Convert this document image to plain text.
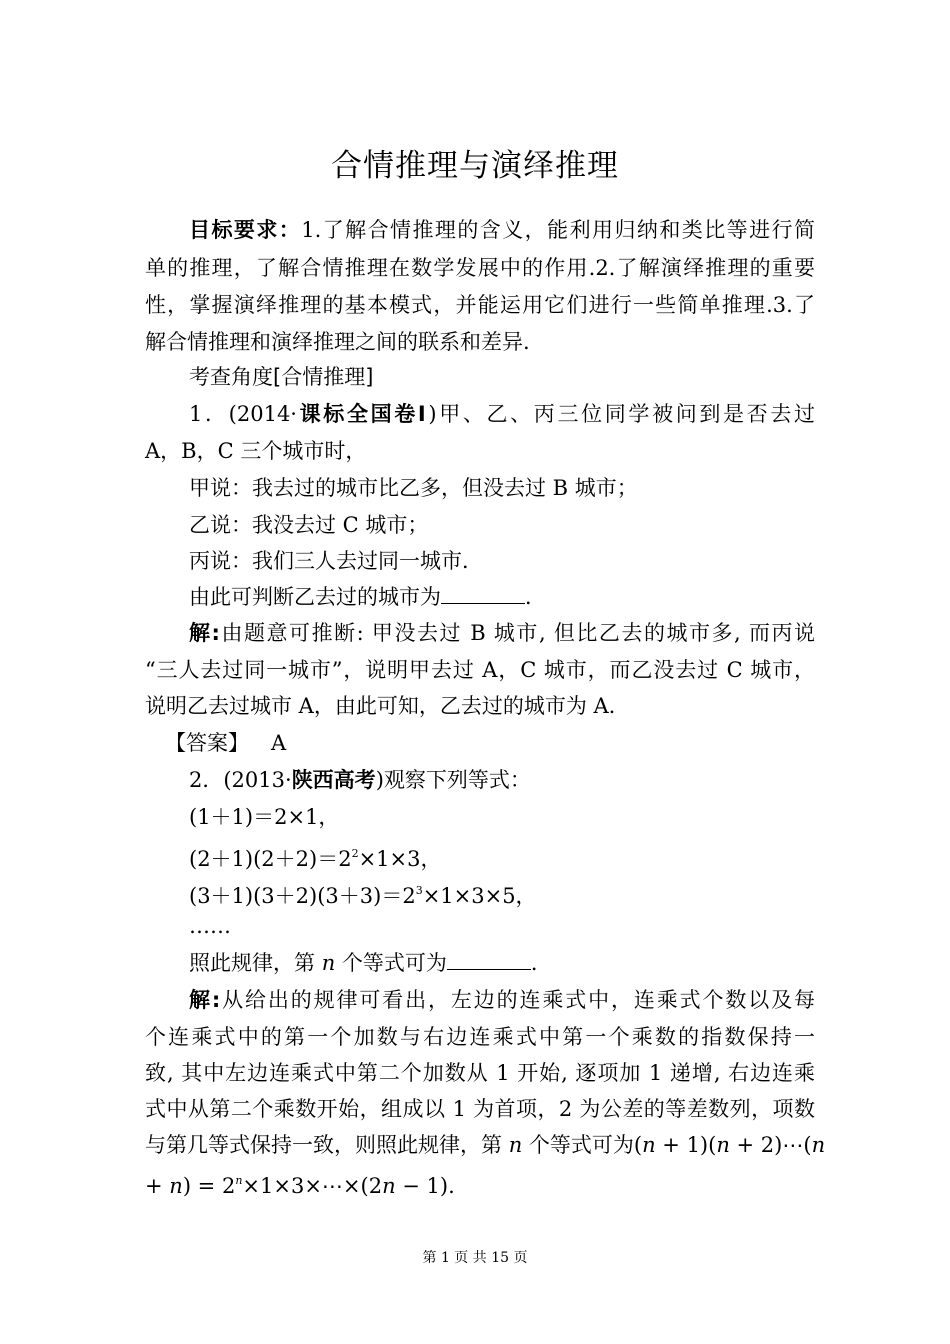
合情推理与演绎推理
目标要求：1.了解合情推理的含义，能利用归纳和类比等进行简
单的推理，了解合情推理在数学发展中的作用.2.了解演绎推理的重要
性，掌握演绎推理的基本模式，并能运用它们进行一些简单推理.3.了
解合情推理和演绎推理之间的联系和差异.
考查角度[合情推理]
1．(2014·课标全国卷Ⅰ)甲、乙、丙三位同学被问到是否去过
A，B，C 三个城市时，
甲说：我去过的城市比乙多，但没去过 B 城市；
乙说：我没去过 C 城市；
丙说：我们三人去过同一城市．
由此可判断乙去过的城市为	．
解:由题意可推断: 甲没去过 B 城市, 但比乙去的城市多, 而丙说
“三人去过同一城市”，说明甲去过 A，C 城市，而乙没去过 C 城市，
说明乙去过城市 A，由此可知，乙去过的城市为 A.
【答案】 A
2．(2013·陕西高考)观察下列等式：
(1＋1)＝2×1，
$(2+1)(2+2)=2^2\times 1\times 3$，
$(3+1)(3+2)(3+3)=2^3\times 1\times 3\times 5$，
……
照此规律，第 n 个等式可为	．
解:从给出的规律可看出，左边的连乘式中，连乘式个数以及每
个连乘式中的第一个加数与右边连乘式中第一个乘数的指数保持一
致, 其中左边连乘式中第二个加数从 1 开始, 逐项加 1 递增, 右边连乘
式中从第二个乘数开始，组成以 1 为首项，2 为公差的等差数列，项数
与第几等式保持一致，则照此规律，第 n 个等式可为(n + 1)(n + 2)⋯(n
+ $n) = 2^n\times 1\times 3\times\cdots\times(2n - 1)$.
第 1 页 共 15 页
